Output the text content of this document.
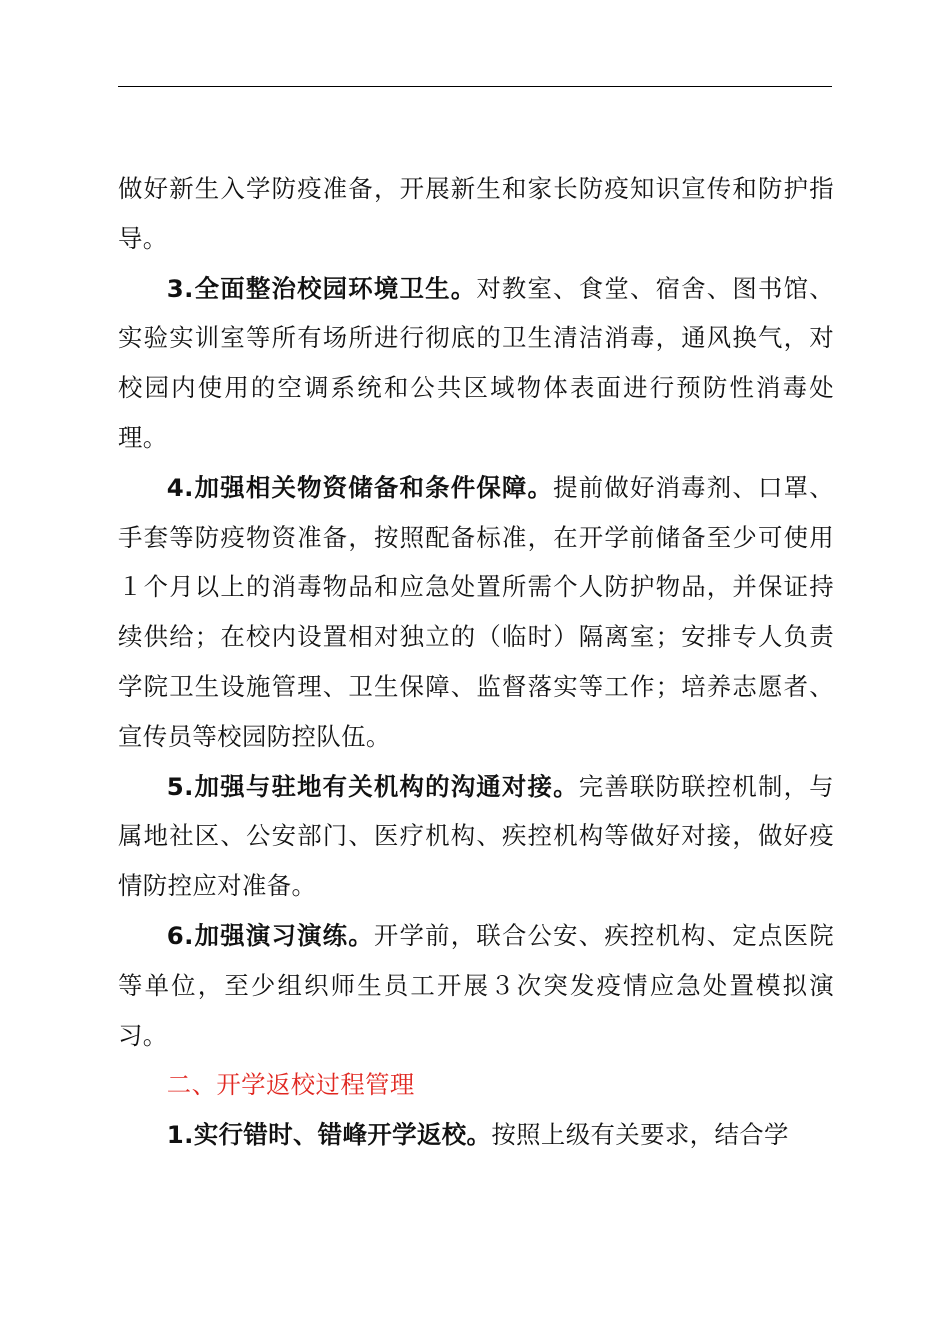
做好新生入学防疫准备，开展新生和家长防疫知识宣传和防护指导。

3.全面整治校园环境卫生。对教室、食堂、宿舍、图书馆、实验实训室等所有场所进行彻底的卫生清洁消毒，通风换气，对校园内使用的空调系统和公共区域物体表面进行预防性消毒处理。

4.加强相关物资储备和条件保障。提前做好消毒剂、口罩、手套等防疫物资准备，按照配备标准，在开学前储备至少可使用１个月以上的消毒物品和应急处置所需个人防护物品，并保证持续供给；在校内设置相对独立的（临时）隔离室；安排专人负责学院卫生设施管理、卫生保障、监督落实等工作；培养志愿者、宣传员等校园防控队伍。

5.加强与驻地有关机构的沟通对接。完善联防联控机制，与属地社区、公安部门、医疗机构、疾控机构等做好对接，做好疫情防控应对准备。

6.加强演习演练。开学前，联合公安、疾控机构、定点医院等单位，至少组织师生员工开展３次突发疫情应急处置模拟演习。

二、开学返校过程管理

1.实行错时、错峰开学返校。按照上级有关要求，结合学
